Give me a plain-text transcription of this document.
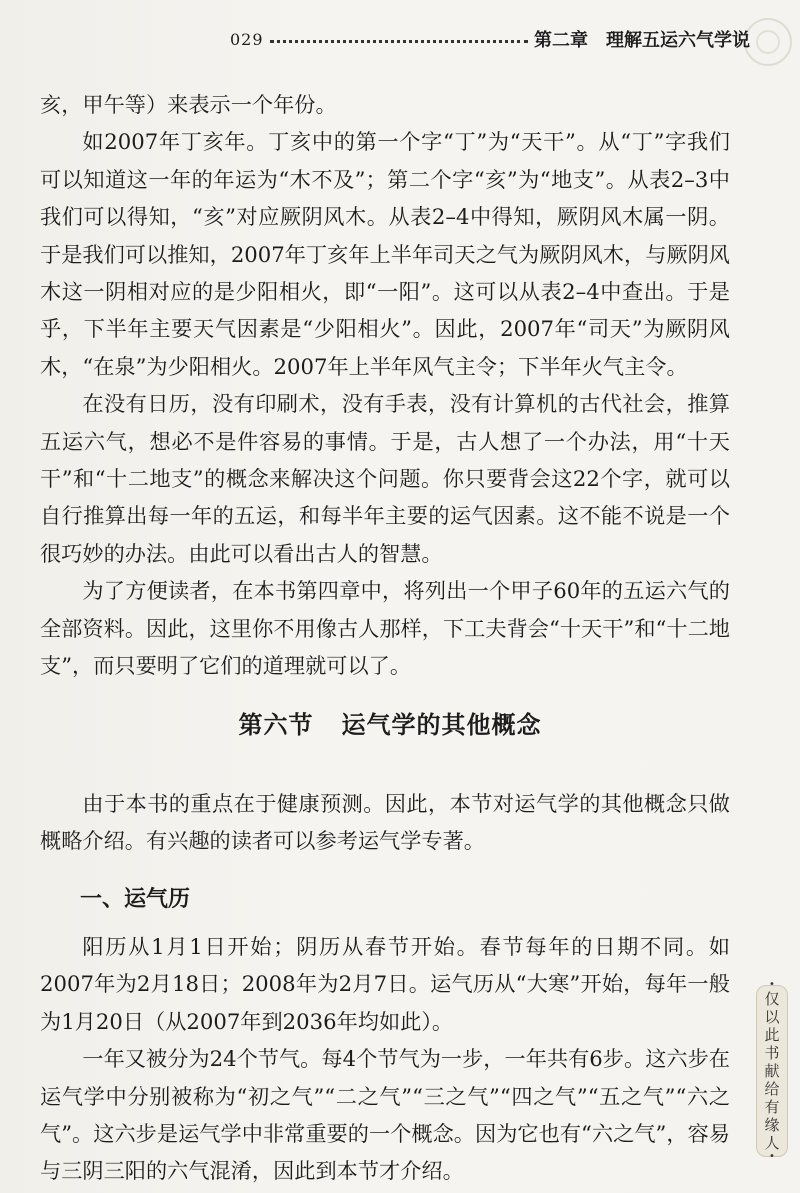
029	第二章 理解五运六气学说

亥，甲午等）来表示一个年份。

如2007年丁亥年。丁亥中的第一个字“丁”为“天干”。从“丁”字我们可以知道这一年的年运为“木不及”；第二个字“亥”为“地支”。从表2–3中我们可以得知，“亥”对应厥阴风木。从表2–4中得知，厥阴风木属一阴。于是我们可以推知，2007年丁亥年上半年司天之气为厥阴风木，与厥阴风木这一阴相对应的是少阳相火，即“一阳”。这可以从表2–4中查出。于是乎，下半年主要天气因素是“少阳相火”。因此，2007年“司天”为厥阴风木，“在泉”为少阳相火。2007年上半年风气主令；下半年火气主令。

在没有日历，没有印刷术，没有手表，没有计算机的古代社会，推算五运六气，想必不是件容易的事情。于是，古人想了一个办法，用“十天干”和“十二地支”的概念来解决这个问题。你只要背会这22个字，就可以自行推算出每一年的五运，和每半年主要的运气因素。这不能不说是一个很巧妙的办法。由此可以看出古人的智慧。

为了方便读者，在本书第四章中，将列出一个甲子60年的五运六气的全部资料。因此，这里你不用像古人那样，下工夫背会“十天干”和“十二地支”，而只要明了它们的道理就可以了。

第六节 运气学的其他概念

由于本书的重点在于健康预测。因此，本节对运气学的其他概念只做概略介绍。有兴趣的读者可以参考运气学专著。

一、运气历

阳历从1月1日开始；阴历从春节开始。春节每年的日期不同。如2007年为2月18日；2008年为2月7日。运气历从“大寒”开始，每年一般为1月20日（从2007年到2036年均如此）。

一年又被分为24个节气。每4个节气为一步，一年共有6步。这六步在运气学中分别被称为“初之气”“二之气”“三之气”“四之气”“五之气”“六之气”。这六步是运气学中非常重要的一个概念。因为它也有“六之气”，容易与三阴三阳的六气混淆，因此到本节才介绍。

•
仅
以
此
书
献
给
有
缘
人
•
